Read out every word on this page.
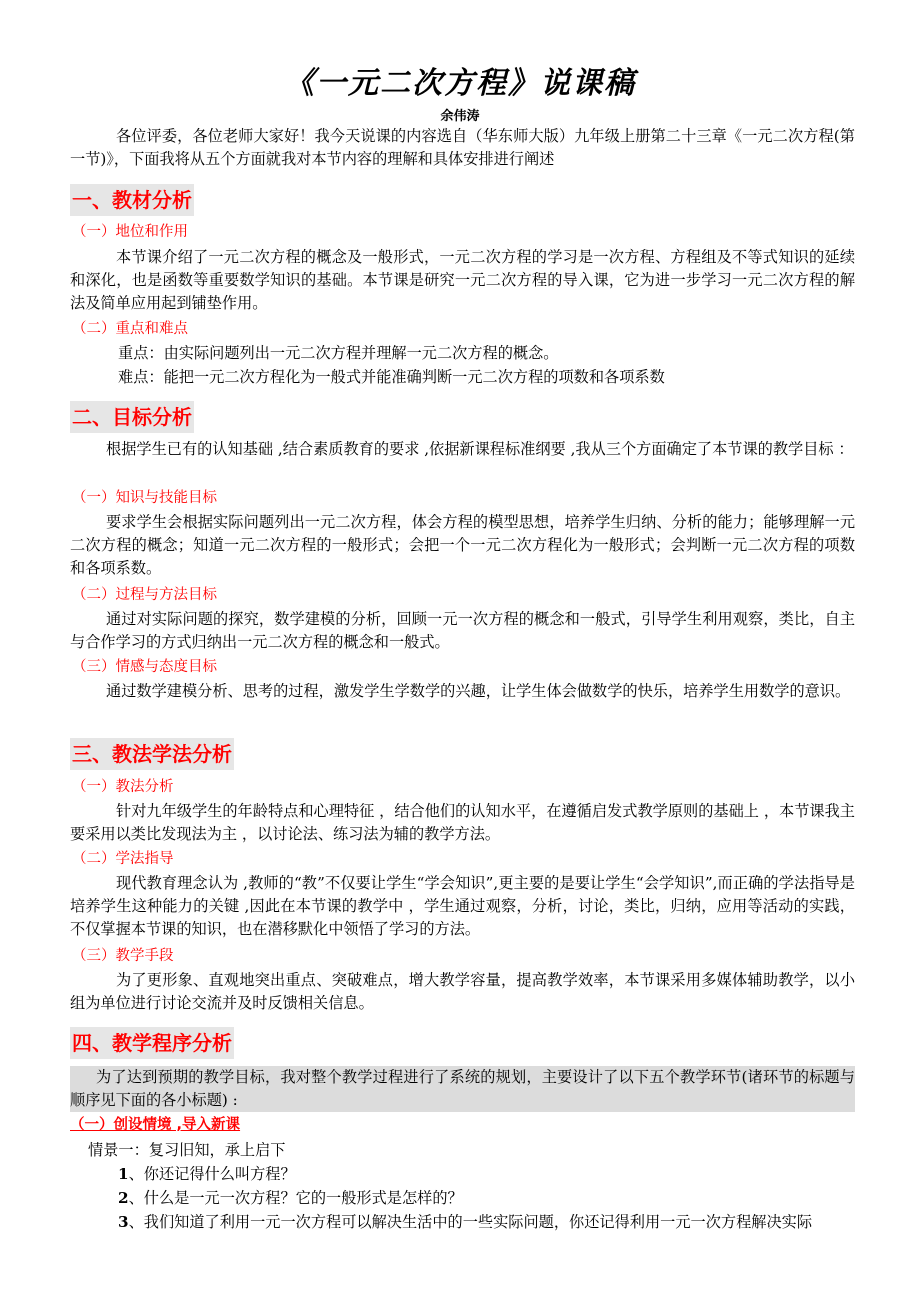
《一元二次方程》说课稿
余伟涛
各位评委，各位老师大家好！我今天说课的内容选自（华东师大版）九年级上册第二十三章《一元二次方程(第一节)》，下面我将从五个方面就我对本节内容的理解和具体安排进行阐述
一、教材分析
（一）地位和作用
本节课介绍了一元二次方程的概念及一般形式，一元二次方程的学习是一次方程、方程组及不等式知识的延续和深化，也是函数等重要数学知识的基础。本节课是研究一元二次方程的导入课，它为进一步学习一元二次方程的解法及简单应用起到铺垫作用。
（二）重点和难点
重点：由实际问题列出一元二次方程并理解一元二次方程的概念。
难点：能把一元二次方程化为一般式并能准确判断一元二次方程的项数和各项系数
二、目标分析
根据学生已有的认知基础 ,结合素质教育的要求 ,依据新课程标准纲要 ,我从三个方面确定了本节课的教学目标 ：
（一）知识与技能目标
要求学生会根据实际问题列出一元二次方程，体会方程的模型思想，培养学生归纳、分析的能力；能够理解一元二次方程的概念；知道一元二次方程的一般形式；会把一个一元二次方程化为一般形式；会判断一元二次方程的项数和各项系数。
（二）过程与方法目标
通过对实际问题的探究，数学建模的分析，回顾一元一次方程的概念和一般式，引导学生利用观察，类比，自主与合作学习的方式归纳出一元二次方程的概念和一般式。
（三）情感与态度目标
通过数学建模分析、思考的过程，激发学生学数学的兴趣，让学生体会做数学的快乐，培养学生用数学的意识。
三、教法学法分析
（一）教法分析
针对九年级学生的年龄特点和心理特征 ，结合他们的认知水平，在遵循启发式教学原则的基础上 ，本节课我主要采用以类比发现法为主 ，以讨论法、练习法为辅的教学方法。
（二）学法指导
现代教育理念认为 ,教师的“教”不仅要让学生“学会知识”,更主要的是要让学生“会学知识”,而正确的学法指导是培养学生这种能力的关键 ,因此在本节课的教学中 ，学生通过观察，分析，讨论，类比，归纳，应用等活动的实践，不仅掌握本节课的知识，也在潜移默化中领悟了学习的方法。
（三）教学手段
为了更形象、直观地突出重点、突破难点，增大教学容量，提高教学效率，本节课采用多媒体辅助教学，以小组为单位进行讨论交流并及时反馈相关信息。
四、教学程序分析
为了达到预期的教学目标，我对整个教学过程进行了系统的规划，主要设计了以下五个教学环节(诸环节的标题与顺序见下面的各小标题) :
（一）创设情境 ,导入新课
情景一：复习旧知，承上启下
1、你还记得什么叫方程？
2、什么是一元一次方程？它的一般形式是怎样的？
3、我们知道了利用一元一次方程可以解决生活中的一些实际问题，你还记得利用一元一次方程解决实际
